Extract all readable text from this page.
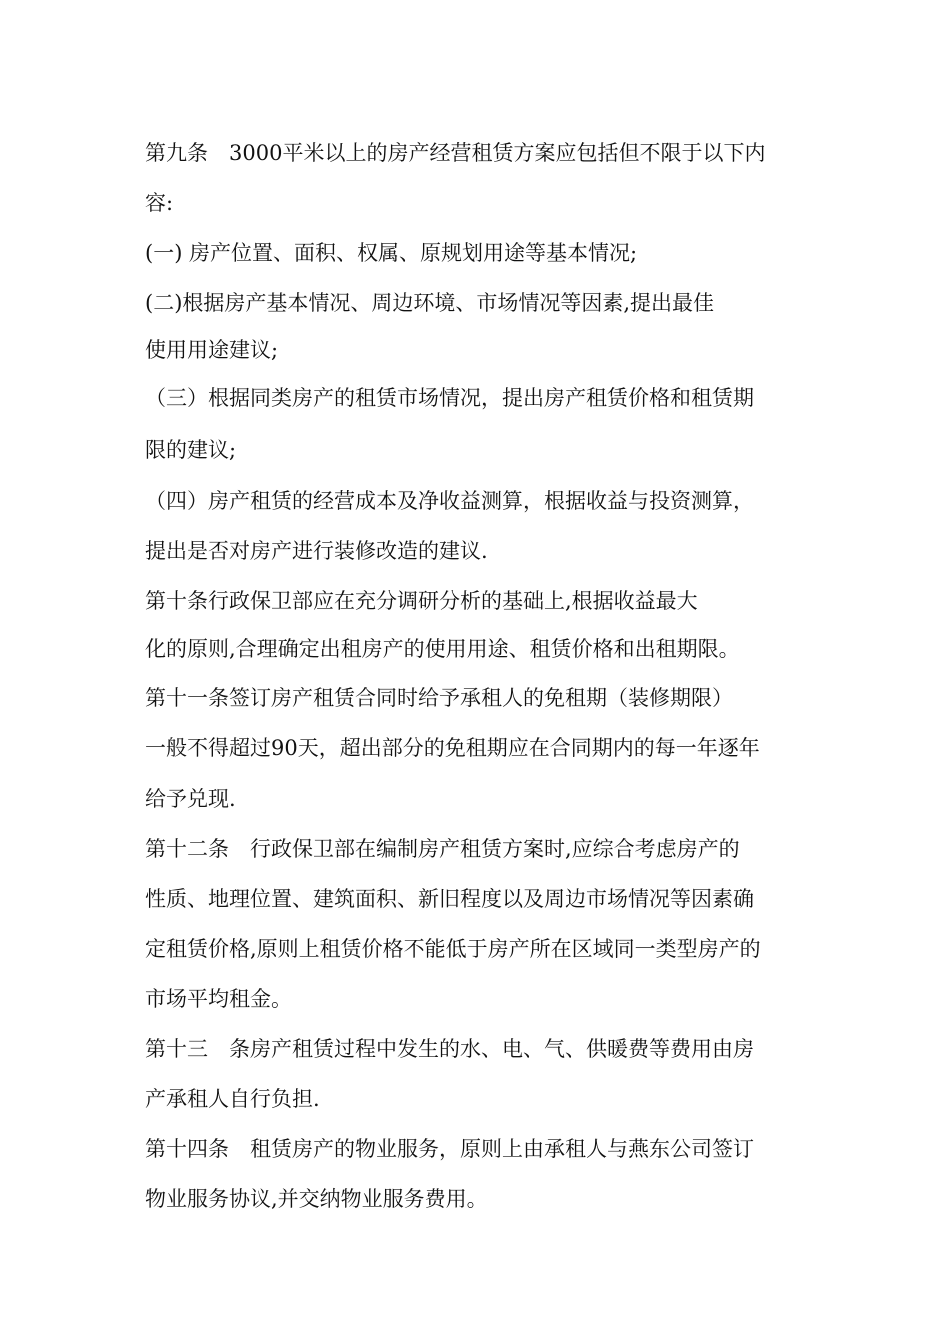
第九条　3000平米以上的房产经营租赁方案应包括但不限于以下内
容:
(一) 房产位置、面积、权属、原规划用途等基本情况;
(二)根据房产基本情况、周边环境、市场情况等因素,提出最佳
使用用途建议;
（三）根据同类房产的租赁市场情况，提出房产租赁价格和租赁期
限的建议;
（四）房产租赁的经营成本及净收益测算，根据收益与投资测算，
提出是否对房产进行装修改造的建议.
第十条行政保卫部应在充分调研分析的基础上,根据收益最大
化的原则,合理确定出租房产的使用用途、租赁价格和出租期限。
第十一条签订房产租赁合同时给予承租人的免租期（装修期限）
一般不得超过90天，超出部分的免租期应在合同期内的每一年逐年
给予兑现.
第十二条　行政保卫部在编制房产租赁方案时,应综合考虑房产的
性质、地理位置、建筑面积、新旧程度以及周边市场情况等因素确
定租赁价格,原则上租赁价格不能低于房产所在区域同一类型房产的
市场平均租金。
第十三　条房产租赁过程中发生的水、电、气、供暖费等费用由房
产承租人自行负担.
第十四条　租赁房产的物业服务，原则上由承租人与燕东公司签订
物业服务协议,并交纳物业服务费用。
